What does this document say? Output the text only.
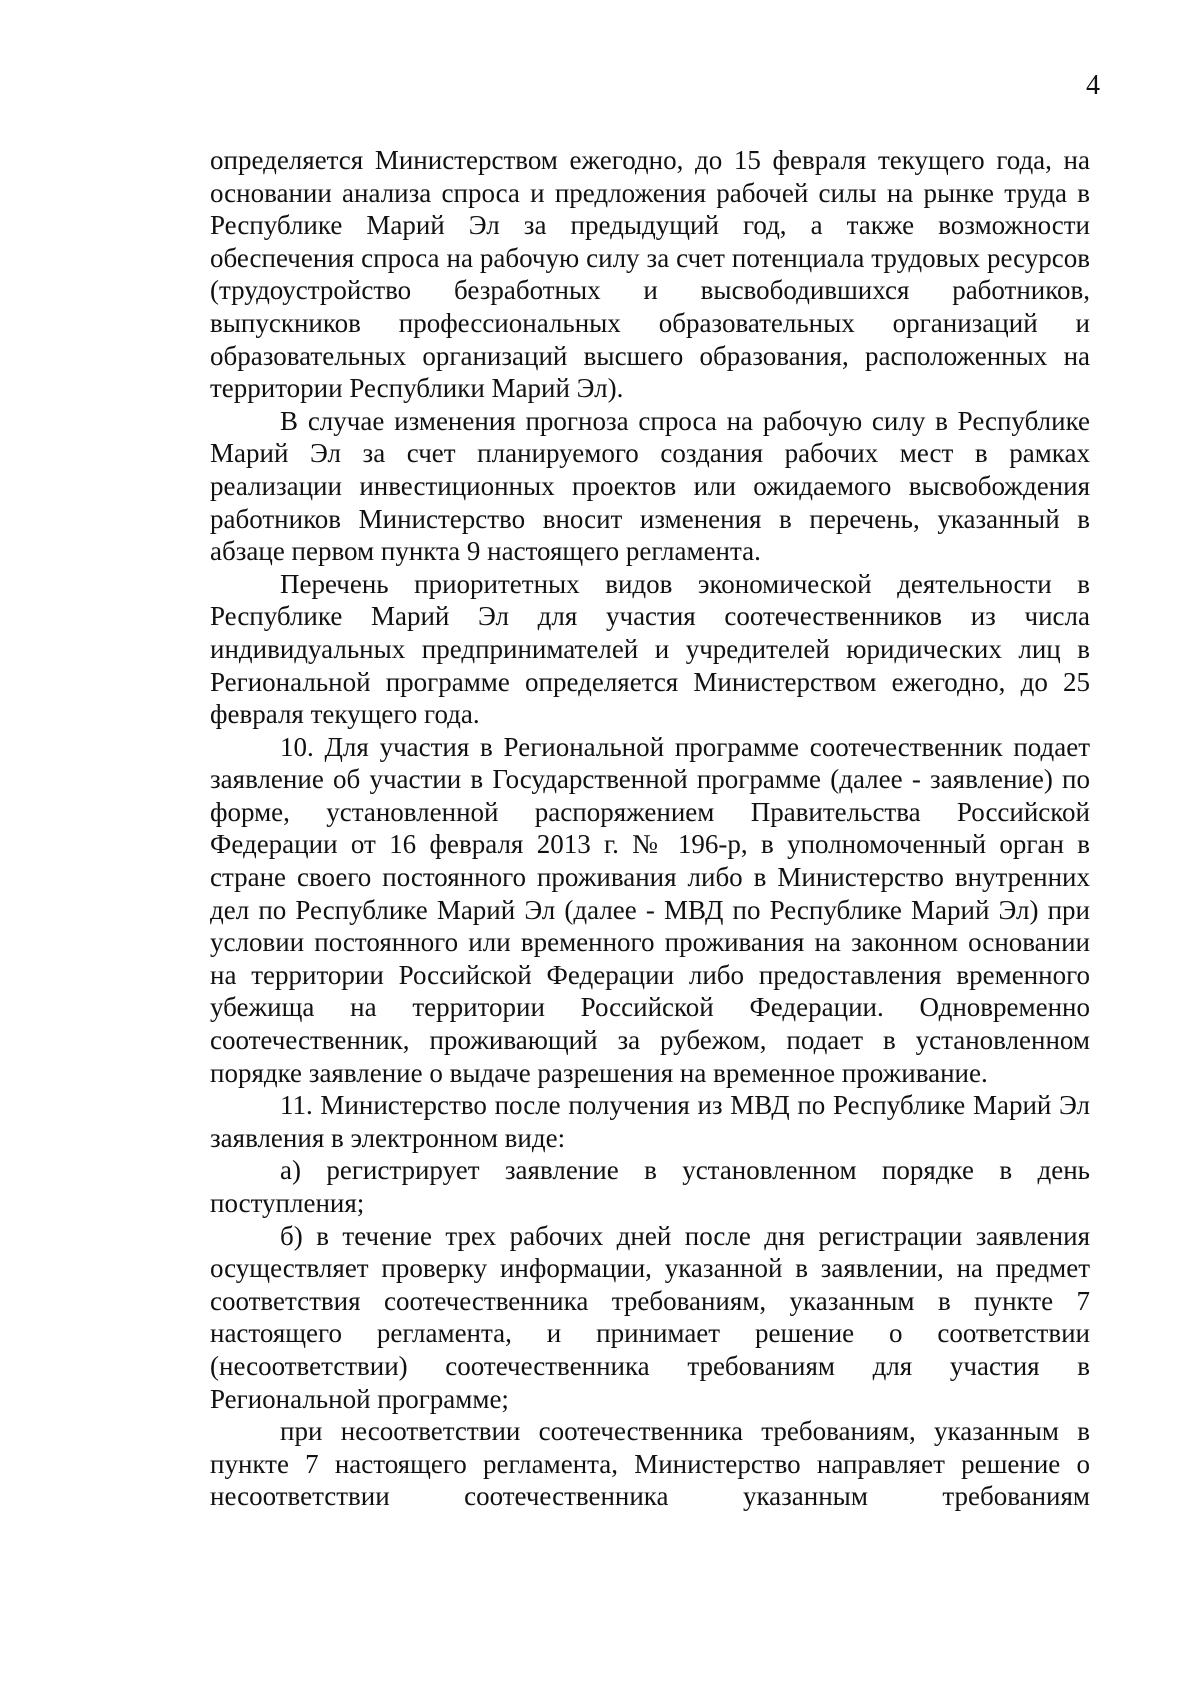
4

определяется Министерством ежегодно, до 15 февраля текущего года, на основании анализа спроса и предложения рабочей силы на рынке труда в Республике Марий Эл за предыдущий год, а также возможности обеспечения спроса на рабочую силу за счет потенциала трудовых ресурсов (трудоустройство безработных и высвободившихся работников, выпускников профессиональных образовательных организаций и образовательных организаций высшего образования, расположенных на территории Республики Марий Эл).

В случае изменения прогноза спроса на рабочую силу в Республике Марий Эл за счет планируемого создания рабочих мест в рамках реализации инвестиционных проектов или ожидаемого высвобождения работников Министерство вносит изменения в перечень, указанный в абзаце первом пункта 9 настоящего регламента.

Перечень приоритетных видов экономической деятельности в Республике Марий Эл для участия соотечественников из числа индивидуальных предпринимателей и учредителей юридических лиц в Региональной программе определяется Министерством ежегодно, до 25 февраля текущего года.

10. Для участия в Региональной программе соотечественник подает заявление об участии в Государственной программе (далее - заявление) по форме, установленной распоряжением Правительства Российской Федерации от 16 февраля 2013 г. № 196-р, в уполномоченный орган в стране своего постоянного проживания либо в Министерство внутренних дел по Республике Марий Эл (далее - МВД по Республике Марий Эл) при условии постоянного или временного проживания на законном основании на территории Российской Федерации либо предоставления временного убежища на территории Российской Федерации. Одновременно соотечественник, проживающий за рубежом, подает в установленном порядке заявление о выдаче разрешения на временное проживание.

11. Министерство после получения из МВД по Республике Марий Эл заявления в электронном виде:

а) регистрирует заявление в установленном порядке в день поступления;

б) в течение трех рабочих дней после дня регистрации заявления осуществляет проверку информации, указанной в заявлении, на предмет соответствия соотечественника требованиям, указанным в пункте 7 настоящего регламента, и принимает решение о соответствии (несоответствии) соотечественника требованиям для участия в Региональной программе;

при несоответствии соотечественника требованиям, указанным в пункте 7 настоящего регламента, Министерство направляет решение о несоответствии соотечественника указанным требованиям
